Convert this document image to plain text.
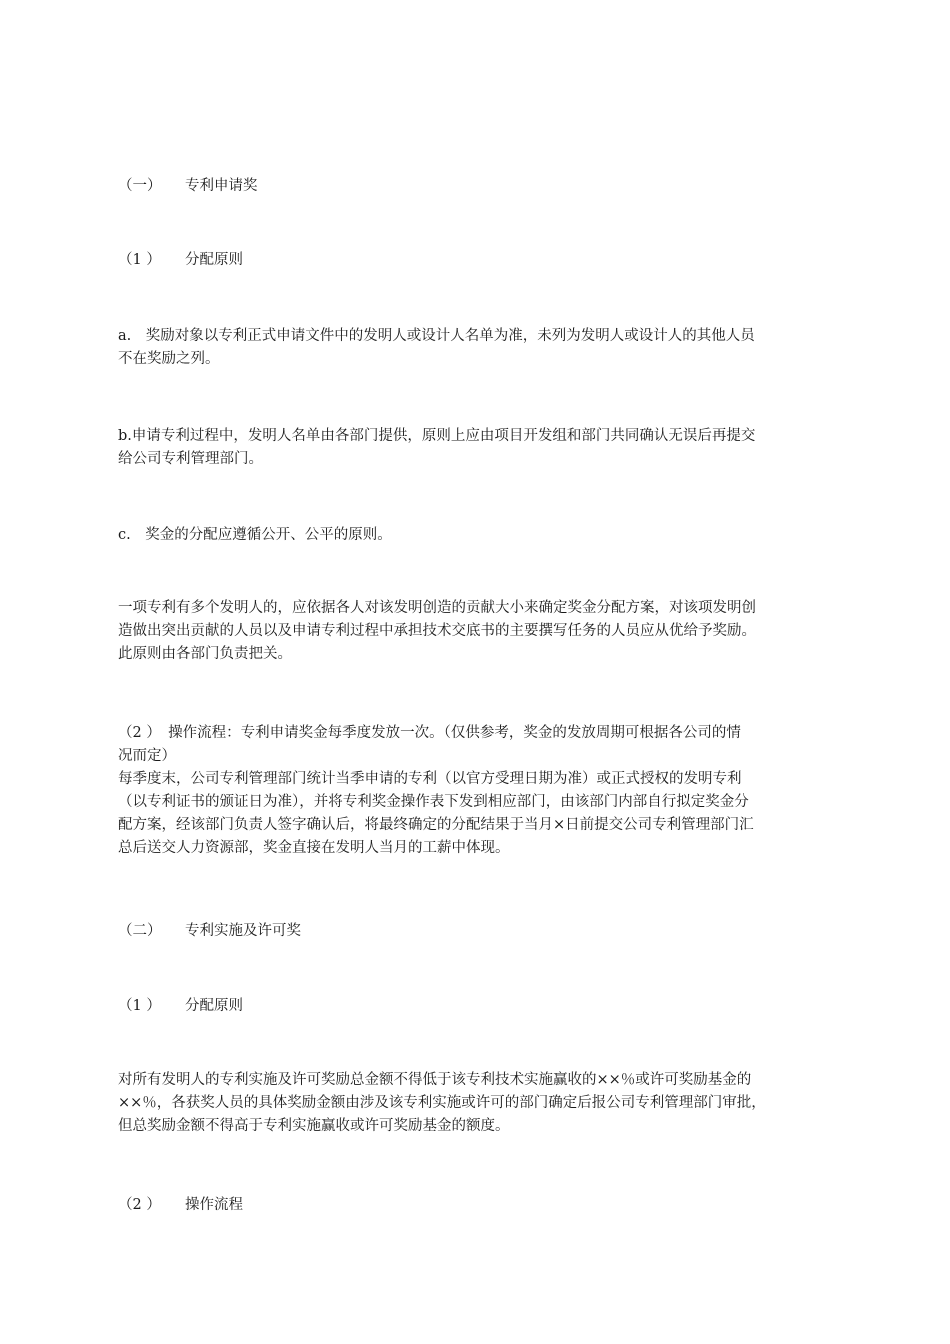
（一） 专利申请奖
（1 ） 分配原则
a.　奖励对象以专利正式申请文件中的发明人或设计人名单为准，未列为发明人或设计人的其他人员
不在奖励之列。
b.申请专利过程中，发明人名单由各部门提供，原则上应由项目开发组和部门共同确认无误后再提交
给公司专利管理部门。
c.　奖金的分配应遵循公开、公平的原则。
一项专利有多个发明人的，应依据各人对该发明创造的贡献大小来确定奖金分配方案，对该项发明创
造做出突出贡献的人员以及申请专利过程中承担技术交底书的主要撰写任务的人员应从优给予奖励。
此原则由各部门负责把关。
（2 ）　操作流程：专利申请奖金每季度发放一次。（仅供参考，奖金的发放周期可根据各公司的情
况而定）
每季度末，公司专利管理部门统计当季申请的专利（以官方受理日期为准）或正式授权的发明专利
（以专利证书的颁证日为准），并将专利奖金操作表下发到相应部门，由该部门内部自行拟定奖金分
配方案，经该部门负责人签字确认后，将最终确定的分配结果于当月×日前提交公司专利管理部门汇
总后送交人力资源部，奖金直接在发明人当月的工薪中体现。
（二） 专利实施及许可奖
（1 ） 分配原则
对所有发明人的专利实施及许可奖励总金额不得低于该专利技术实施赢收的××％或许可奖励基金的
××％，各获奖人员的具体奖励金额由涉及该专利实施或许可的部门确定后报公司专利管理部门审批，
但总奖励金额不得高于专利实施赢收或许可奖励基金的额度。
（2 ） 操作流程
